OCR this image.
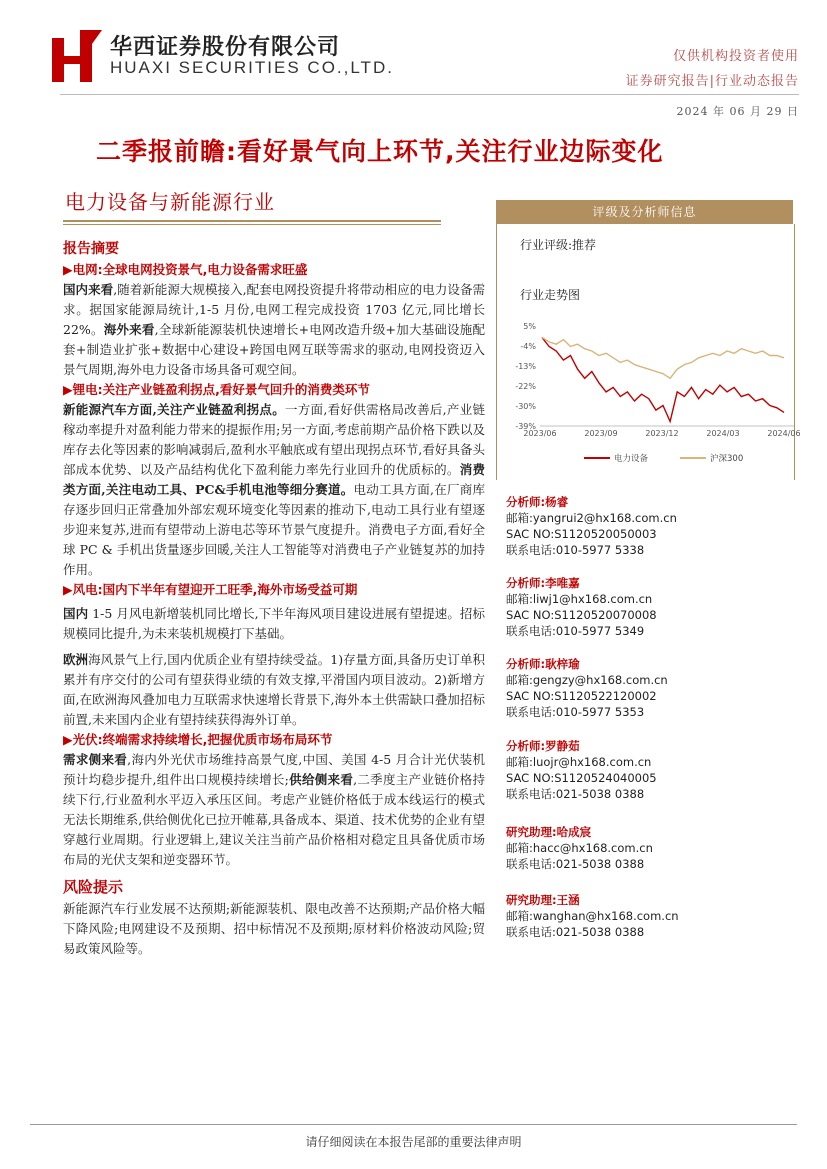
华西证券股份有限公司
HUAXI SECURITIES CO.,LTD.
仅供机构投资者使用
证券研究报告|行业动态报告
2024 年 06 月 29 日
二季报前瞻:看好景气向上环节,关注行业边际变化
电力设备与新能源行业
报告摘要

▶电网:全球电网投资景气,电力设备需求旺盛

国内来看,随着新能源大规模接入,配套电网投资提升将带动相应的电力设备需求。据国家能源局统计,1-5 月份,电网工程完成投资 1703 亿元,同比增长 22%。海外来看,全球新能源装机快速增长+电网改造升级+加大基础设施配套+制造业扩张+数据中心建设+跨国电网互联等需求的驱动,电网投资迈入景气周期,海外电力设备市场具备可观空间。

▶锂电:关注产业链盈利拐点,看好景气回升的消费类环节

新能源汽车方面,关注产业链盈利拐点。一方面,看好供需格局改善后,产业链稼动率提升对盈利能力带来的提振作用;另一方面,考虑前期产品价格下跌以及库存去化等因素的影响减弱后,盈利水平触底或有望出现拐点环节,看好具备头部成本优势、以及产品结构优化下盈利能力率先行业回升的优质标的。消费类方面,关注电动工具、PC&手机电池等细分赛道。电动工具方面,在厂商库存逐步回归正常叠加外部宏观环境变化等因素的推动下,电动工具行业有望逐步迎来复苏,进而有望带动上游电芯等环节景气度提升。消费电子方面,看好全球 PC & 手机出货量逐步回暖,关注人工智能等对消费电子产业链复苏的加持作用。

▶风电:国内下半年有望迎开工旺季,海外市场受益可期

国内 1-5 月风电新增装机同比增长,下半年海风项目建设进展有望提速。招标规模同比提升,为未来装机规模打下基础。

欧洲海风景气上行,国内优质企业有望持续受益。1)存量方面,具备历史订单积累并有序交付的公司有望获得业绩的有效支撑,平滑国内项目波动。2)新增方面,在欧洲海风叠加电力互联需求快速增长背景下,海外本土供需缺口叠加招标前置,未来国内企业有望持续获得海外订单。

▶光伏:终端需求持续增长,把握优质市场布局环节

需求侧来看,海内外光伏市场维持高景气度,中国、美国 4-5 月合计光伏装机预计均稳步提升,组件出口规模持续增长;供给侧来看,二季度主产业链价格持续下行,行业盈利水平迈入承压区间。考虑产业链价格低于成本线运行的模式无法长期维系,供给侧优化已拉开帷幕,具备成本、渠道、技术优势的企业有望穿越行业周期。行业逻辑上,建议关注当前产品价格相对稳定且具备优质市场布局的光伏支架和逆变器环节。

风险提示

新能源汽车行业发展不达预期;新能源装机、限电改善不达预期;产品价格大幅下降风险;电网建设不及预期、招中标情况不及预期;原材料价格波动风险;贸易政策风险等。

评级及分析师信息
行业评级:推荐
行业走势图
5%
-4%
-13%
-22%
-30%
-39%
2023/06	2023/09	2023/12	2024/03	2024/06
电力设备	沪深300
分析师:杨睿
邮箱:yangrui2@hx168.com.cn
SAC NO:S1120520050003
联系电话:010-5977 5338
分析师:李唯嘉
邮箱:liwj1@hx168.com.cn
SAC NO:S1120520070008
联系电话:010-5977 5349
分析师:耿梓瑜
邮箱:gengzy@hx168.com.cn
SAC NO:S1120522120002
联系电话:010-5977 5353
分析师:罗静茹
邮箱:luojr@hx168.com.cn
SAC NO:S1120524040005
联系电话:021-5038 0388
研究助理:哈成宸
邮箱:hacc@hx168.com.cn
联系电话:021-5038 0388
研究助理:王涵
邮箱:wanghan@hx168.com.cn
联系电话:021-5038 0388
请仔细阅读在本报告尾部的重要法律声明
